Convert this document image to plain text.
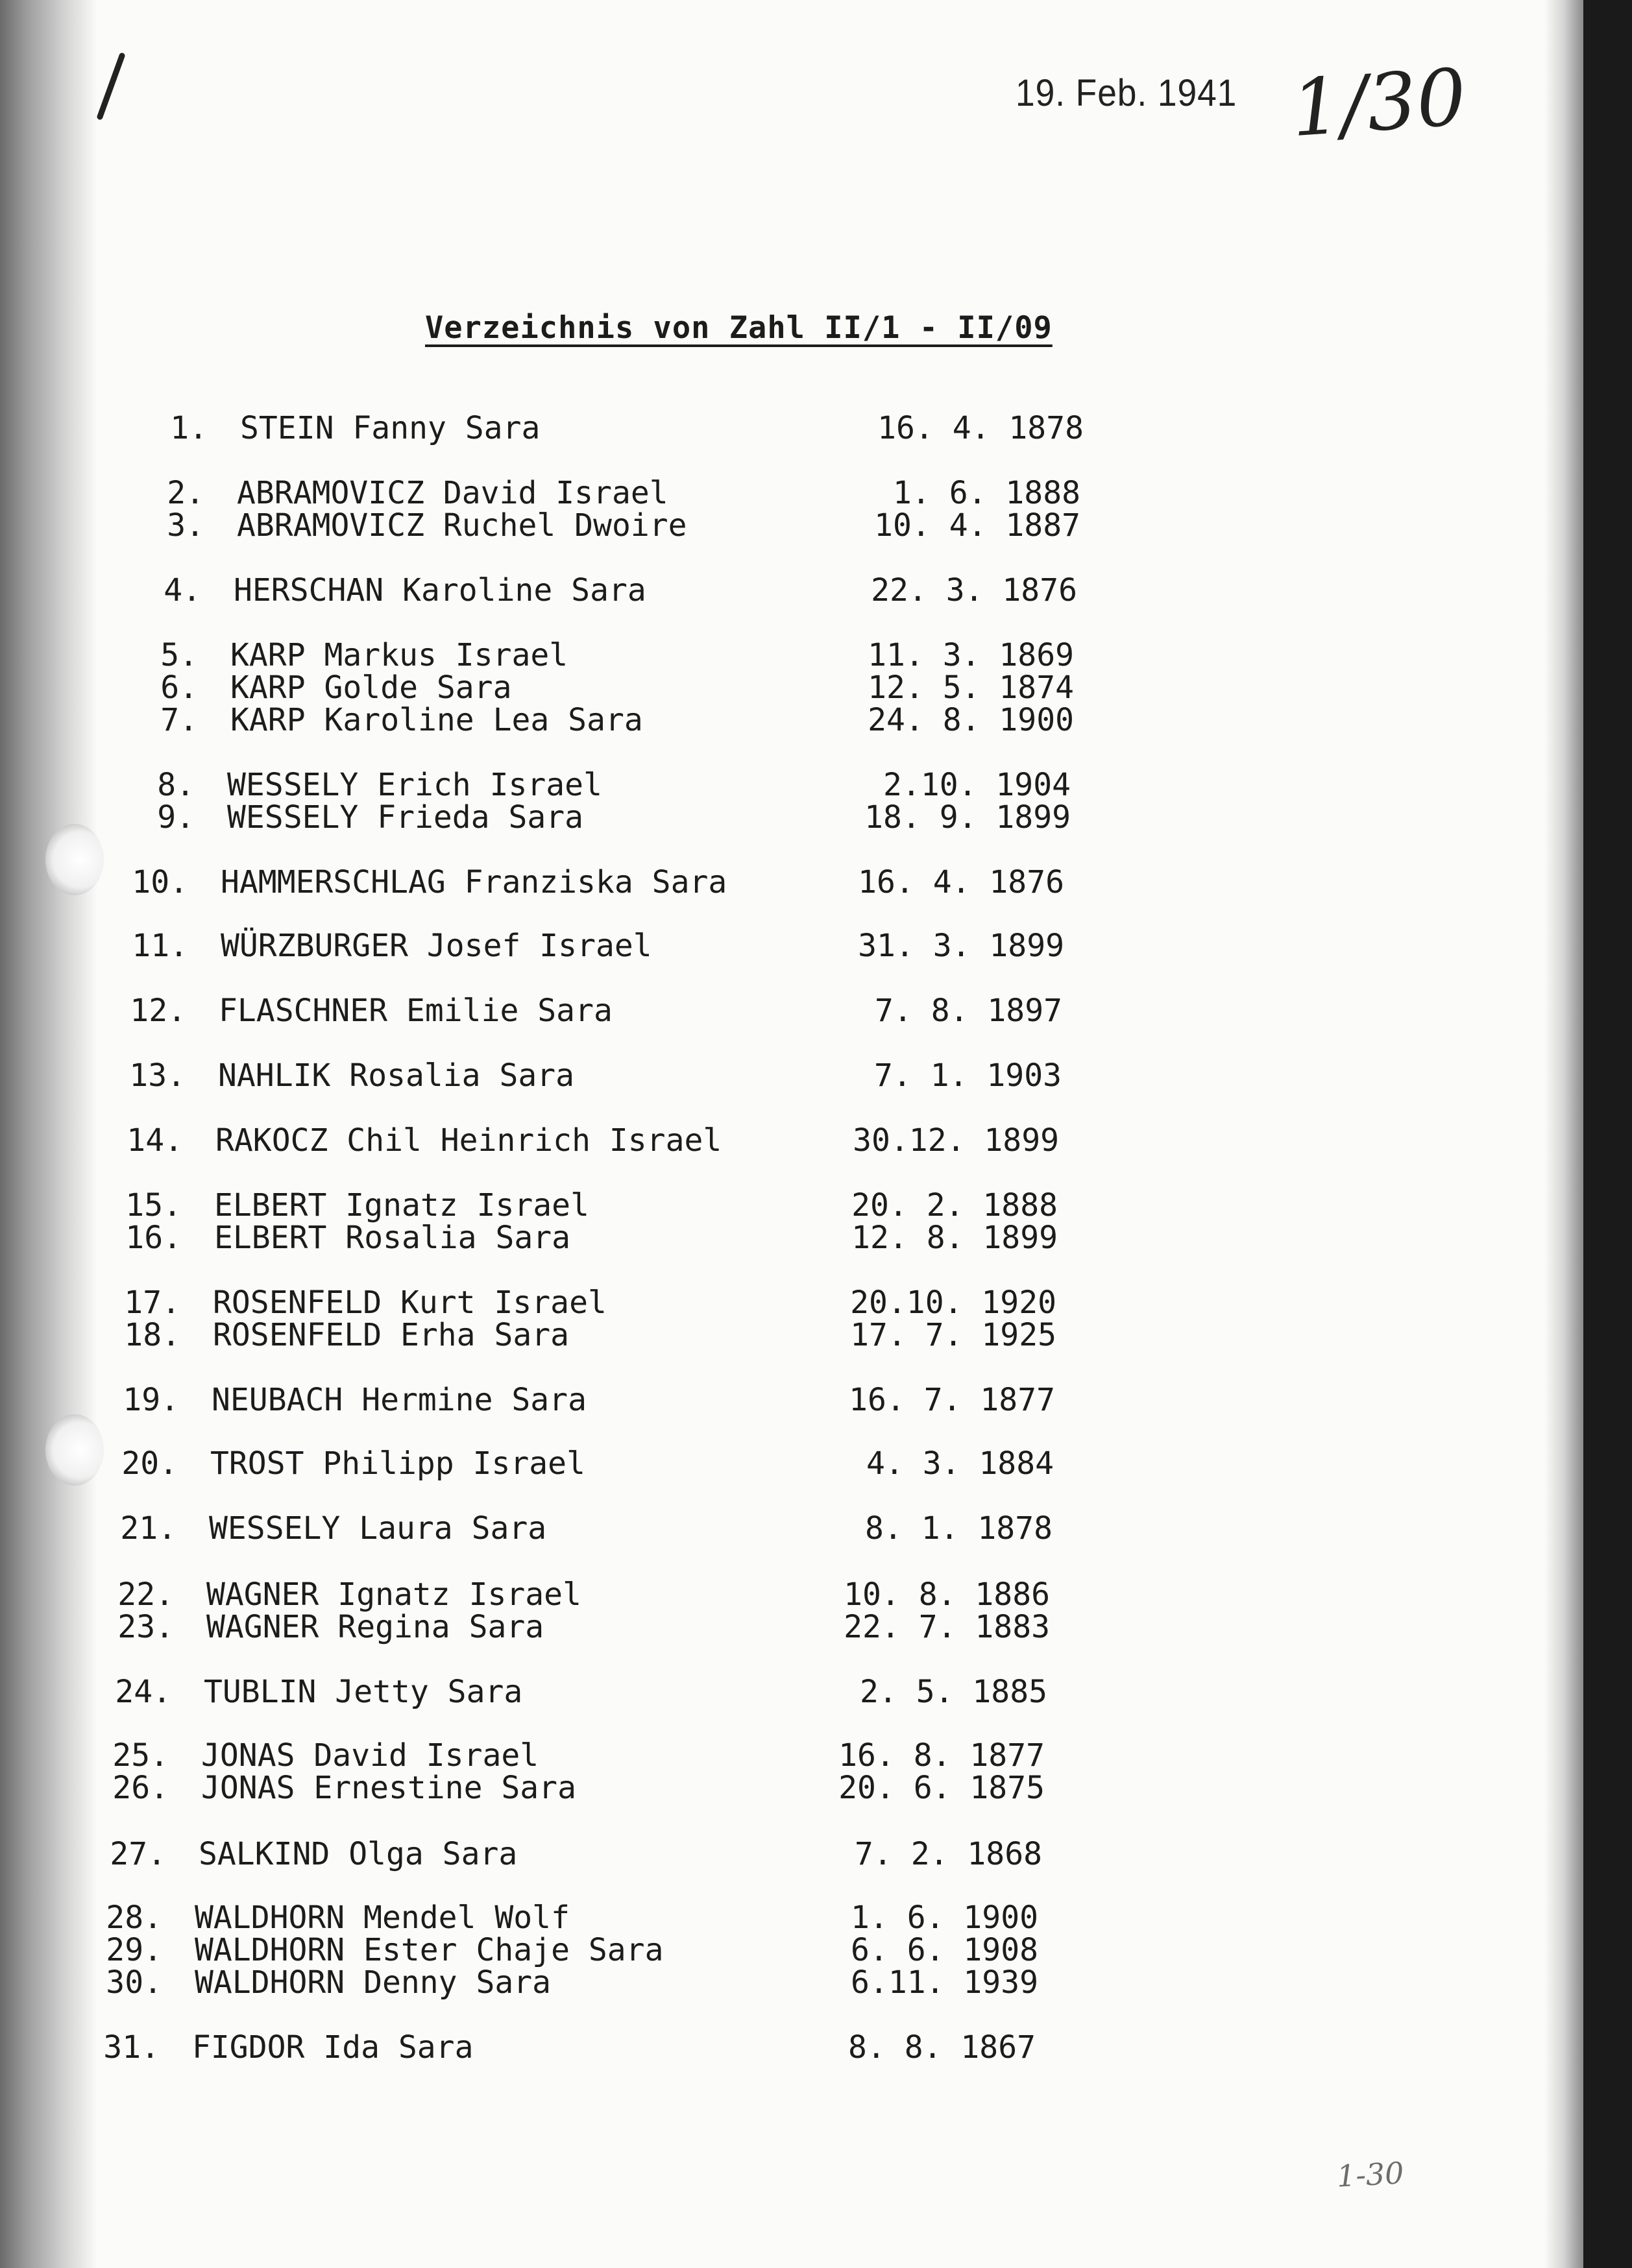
19. Feb. 1941 1/30
Verzeichnis von Zahl II/1 - II/09
1. STEIN Fanny Sara	16. 4. 1878
2. ABRAMOVICZ David Israel	1. 6. 1888
3. ABRAMOVICZ Ruchel Dwoire	10. 4. 1887
4. HERSCHAN Karoline Sara	22. 3. 1876
5. KARP Markus Israel	11. 3. 1869
6. KARP Golde Sara	12. 5. 1874
7. KARP Karoline Lea Sara	24. 8. 1900
8. WESSELY Erich Israel	2.10. 1904
9. WESSELY Frieda Sara	18. 9. 1899
10. HAMMERSCHLAG Franziska Sara	16. 4. 1876
11. WÜRZBURGER Josef Israel	31. 3. 1899
12. FLASCHNER Emilie Sara	7. 8. 1897
13. NAHLIK Rosalia Sara	7. 1. 1903
14. RAKOCZ Chil Heinrich Israel	30.12. 1899
15. ELBERT Ignatz Israel	20. 2. 1888
16. ELBERT Rosalia Sara	12. 8. 1899
17. ROSENFELD Kurt Israel	20.10. 1920
18. ROSENFELD Erha Sara	17. 7. 1925
19. NEUBACH Hermine Sara	16. 7. 1877
20. TROST Philipp Israel	4. 3. 1884
21. WESSELY Laura Sara	8. 1. 1878
22. WAGNER Ignatz Israel	10. 8. 1886
23. WAGNER Regina Sara	22. 7. 1883
24. TUBLIN Jetty Sara	2. 5. 1885
25. JONAS David Israel	16. 8. 1877
26. JONAS Ernestine Sara	20. 6. 1875
27. SALKIND Olga Sara	7. 2. 1868
28. WALDHORN Mendel Wolf	1. 6. 1900
29. WALDHORN Ester Chaje Sara	6. 6. 1908
30. WALDHORN Denny Sara	6.11. 1939
31. FIGDOR Ida Sara	8. 8. 1867
1-30
